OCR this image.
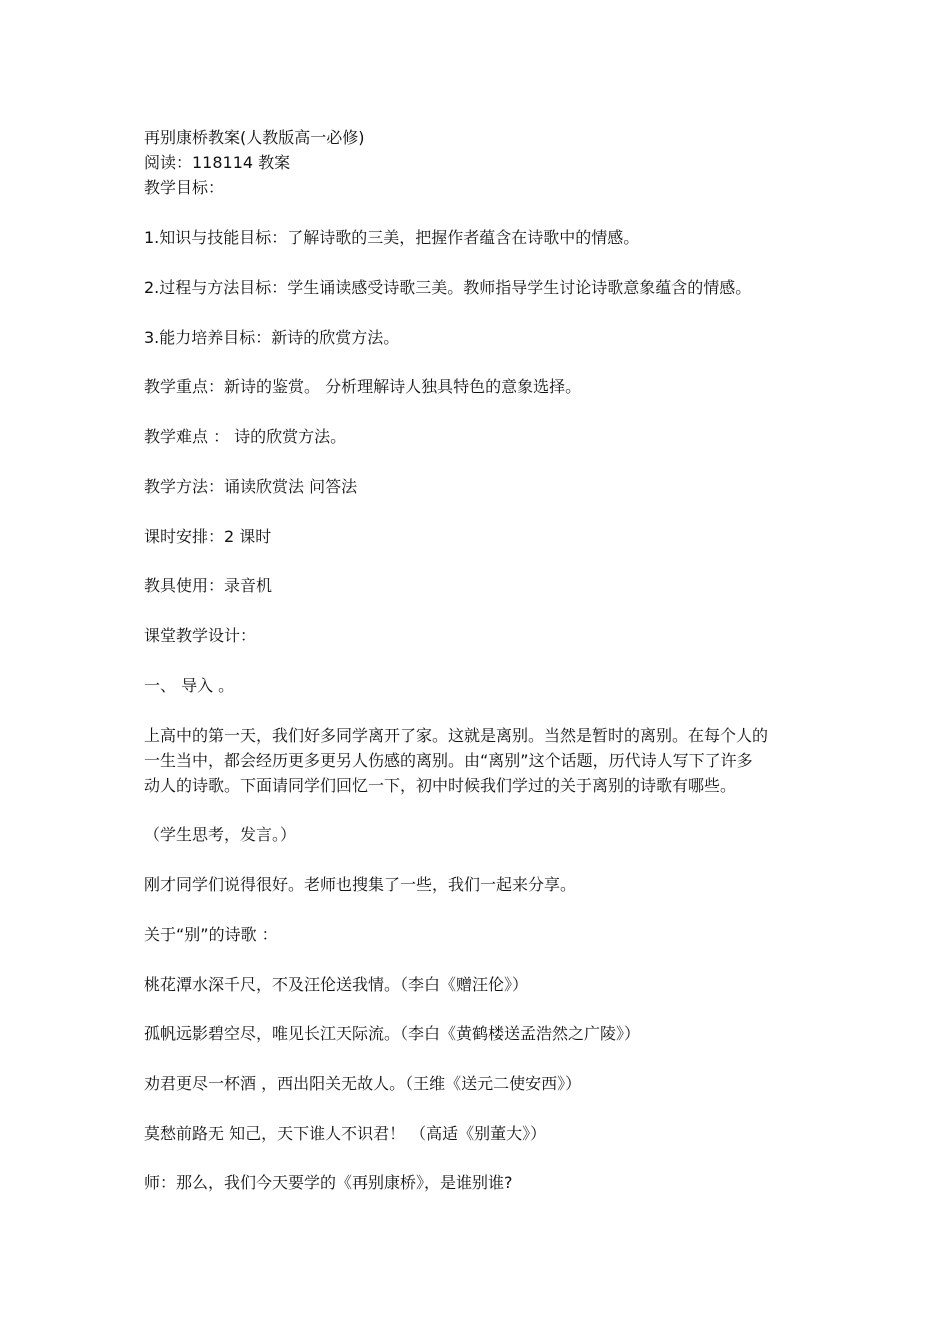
再别康桥教案(人教版高一必修)
阅读：118114 教案
教学目标：
1.知识与技能目标：了解诗歌的三美，把握作者蕴含在诗歌中的情感。
2.过程与方法目标：学生诵读感受诗歌三美。教师指导学生讨论诗歌意象蕴含的情感。
3.能力培养目标：新诗的欣赏方法。
教学重点：新诗的鉴赏。 分析理解诗人独具特色的意象选择。
教学难点 ： 诗的欣赏方法。
教学方法：诵读欣赏法 问答法
课时安排：2 课时
教具使用：录音机
课堂教学设计：
一、 导入 。
上高中的第一天，我们好多同学离开了家。这就是离别。当然是暂时的离别。在每个人的
一生当中，都会经历更多更另人伤感的离别。由“离别”这个话题，历代诗人写下了许多
动人的诗歌。下面请同学们回忆一下，初中时候我们学过的关于离别的诗歌有哪些。
（学生思考，发言。）
刚才同学们说得很好。老师也搜集了一些，我们一起来分享。
关于“别”的诗歌 ：
桃花潭水深千尺，不及汪伦送我情。（李白《赠汪伦》）
孤帆远影碧空尽，唯见长江天际流。（李白《黄鹤楼送孟浩然之广陵》）
劝君更尽一杯酒 ，西出阳关无故人。（王维《送元二使安西》）
莫愁前路无 知己，天下谁人不识君！ （高适《别董大》）
师：那么，我们今天要学的《再别康桥》，是谁别谁?
